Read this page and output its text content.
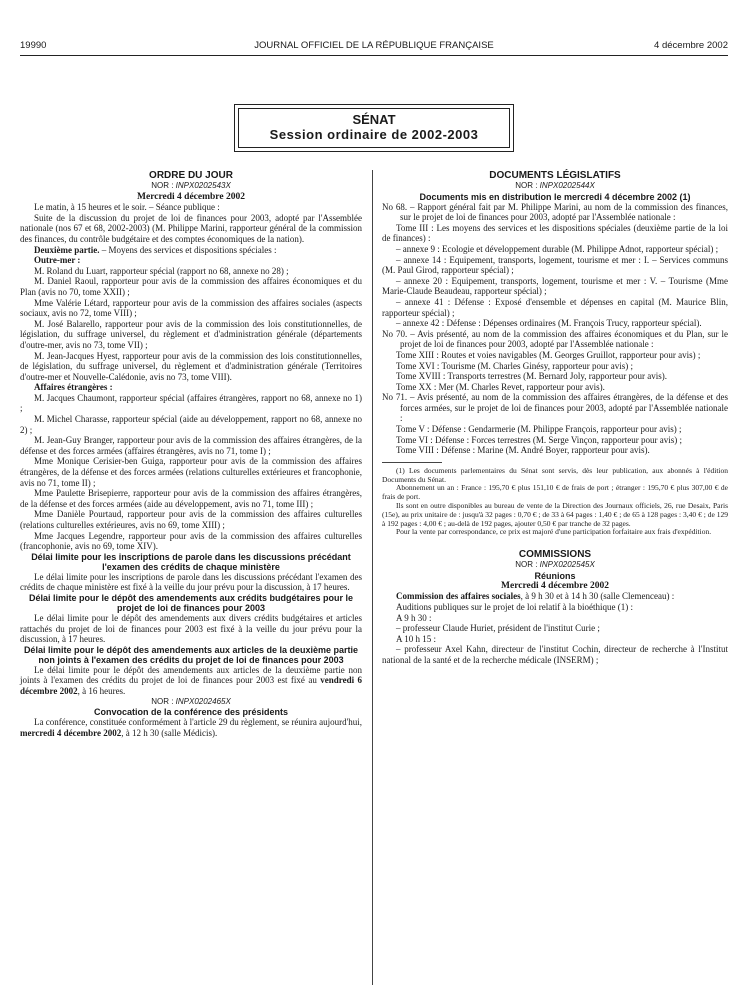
19990	JOURNAL OFFICIEL DE LA RÉPUBLIQUE FRANÇAISE	4 décembre 2002
SÉNAT
Session ordinaire de 2002-2003

ORDRE DU JOUR

NOR : INPX0202543X

Mercredi 4 décembre 2002

Le matin, à 15 heures et le soir. – Séance publique :

Suite de la discussion du projet de loi de finances pour 2003, adopté par l'Assemblée nationale (nos 67 et 68, 2002-2003) (M. Philippe Marini, rapporteur général de la commission des finances, du contrôle budgétaire et des comptes économiques de la nation).

Deuxième partie. – Moyens des services et dispositions spéciales :

Outre-mer :

M. Roland du Luart, rapporteur spécial (rapport no 68, annexe no 28) ;

M. Daniel Raoul, rapporteur pour avis de la commission des affaires économiques et du Plan (avis no 70, tome XXII) ;

Mme Valérie Létard, rapporteur pour avis de la commission des affaires sociales (aspects sociaux, avis no 72, tome VIII) ;

M. José Balarello, rapporteur pour avis de la commission des lois constitutionnelles, de législation, du suffrage universel, du règlement et d'administration générale (départements d'outre-mer, avis no 73, tome VII) ;

M. Jean-Jacques Hyest, rapporteur pour avis de la commission des lois constitutionnelles, de législation, du suffrage universel, du règlement et d'administration générale (Territoires d'outre-mer et Nouvelle-Calédonie, avis no 73, tome VIII).

Affaires étrangères :

M. Jacques Chaumont, rapporteur spécial (affaires étrangères, rapport no 68, annexe no 1) ;

M. Michel Charasse, rapporteur spécial (aide au développement, rapport no 68, annexe no 2) ;

M. Jean-Guy Branger, rapporteur pour avis de la commission des affaires étrangères, de la défense et des forces armées (affaires étrangères, avis no 71, tome I) ;

Mme Monique Cerisier-ben Guiga, rapporteur pour avis de la commission des affaires étrangères, de la défense et des forces armées (relations culturelles extérieures et francophonie, avis no 71, tome II) ;

Mme Paulette Brisepierre, rapporteur pour avis de la commission des affaires étrangères, de la défense et des forces armées (aide au développement, avis no 71, tome III) ;

Mme Danièle Pourtaud, rapporteur pour avis de la commission des affaires culturelles (relations culturelles extérieures, avis no 69, tome XIII) ;

Mme Jacques Legendre, rapporteur pour avis de la commission des affaires culturelles (francophonie, avis no 69, tome XIV).

Délai limite pour les inscriptions de parole dans les discussions précédant l'examen des crédits de chaque ministère

Le délai limite pour les inscriptions de parole dans les discussions précédant l'examen des crédits de chaque ministère est fixé à la veille du jour prévu pour la discussion, à 17 heures.

Délai limite pour le dépôt des amendements aux crédits budgétaires pour le projet de loi de finances pour 2003

Le délai limite pour le dépôt des amendements aux divers crédits budgétaires et articles rattachés du projet de loi de finances pour 2003 est fixé à la veille du jour prévu pour la discussion, à 17 heures.

Délai limite pour le dépôt des amendements aux articles de la deuxième partie non joints à l'examen des crédits du projet de loi de finances pour 2003

Le délai limite pour le dépôt des amendements aux articles de la deuxième partie non joints à l'examen des crédits du projet de loi de finances pour 2003 est fixé au vendredi 6 décembre 2002, à 16 heures.

NOR : INPX0202465X

Convocation de la conférence des présidents

La conférence, constituée conformément à l'article 29 du règlement, se réunira aujourd'hui, mercredi 4 décembre 2002, à 12 h 30 (salle Médicis).

DOCUMENTS LÉGISLATIFS

NOR : INPX0202544X

Documents mis en distribution le mercredi 4 décembre 2002 (1)

No 68. – Rapport général fait par M. Philippe Marini, au nom de la commission des finances, sur le projet de loi de finances pour 2003, adopté par l'Assemblée nationale :

Tome III : Les moyens des services et les dispositions spéciales (deuxième partie de la loi de finances) :

– annexe 9 : Ecologie et développement durable (M. Philippe Adnot, rapporteur spécial) ;

– annexe 14 : Equipement, transports, logement, tourisme et mer : I. – Services communs (M. Paul Girod, rapporteur spécial) ;

– annexe 20 : Equipement, transports, logement, tourisme et mer : V. – Tourisme (Mme Marie-Claude Beaudeau, rapporteur spécial) ;

– annexe 41 : Défense : Exposé d'ensemble et dépenses en capital (M. Maurice Blin, rapporteur spécial) ;

– annexe 42 : Défense : Dépenses ordinaires (M. François Trucy, rapporteur spécial).

No 70. – Avis présenté, au nom de la commission des affaires économiques et du Plan, sur le projet de loi de finances pour 2003, adopté par l'Assemblée nationale :

Tome XIII : Routes et voies navigables (M. Georges Gruillot, rapporteur pour avis) ;

Tome XVI : Tourisme (M. Charles Ginésy, rapporteur pour avis) ;

Tome XVIII : Transports terrestres (M. Bernard Joly, rapporteur pour avis).

Tome XX : Mer (M. Charles Revet, rapporteur pour avis).

No 71. – Avis présenté, au nom de la commission des affaires étrangères, de la défense et des forces armées, sur le projet de loi de finances pour 2003, adopté par l'Assemblée nationale :

Tome V : Défense : Gendarmerie (M. Philippe François, rapporteur pour avis) ;

Tome VI : Défense : Forces terrestres (M. Serge Vinçon, rapporteur pour avis) ;

Tome VIII : Défense : Marine (M. André Boyer, rapporteur pour avis).

(1) Les documents parlementaires du Sénat sont servis, dès leur publication, aux abonnés à l'édition Documents du Sénat.

Abonnement un an : France : 195,70 € plus 151,10 € de frais de port ; étranger : 195,70 € plus 307,00 € de frais de port.

Ils sont en outre disponibles au bureau de vente de la Direction des Journaux officiels, 26, rue Desaix, Paris (15e), au prix unitaire de : jusqu'à 32 pages : 0,70 € ; de 33 à 64 pages : 1,40 € ; de 65 à 128 pages : 3,40 € ; de 129 à 192 pages : 4,00 € ; au-delà de 192 pages, ajouter 0,50 € par tranche de 32 pages.

Pour la vente par correspondance, ce prix est majoré d'une participation forfaitaire aux frais d'expédition.

COMMISSIONS

NOR : INPX0202545X

Réunions

Mercredi 4 décembre 2002

Commission des affaires sociales, à 9 h 30 et à 14 h 30 (salle Clemenceau) :

Auditions publiques sur le projet de loi relatif à la bioéthique (1) :

A 9 h 30 :

– professeur Claude Huriet, président de l'institut Curie ;

A 10 h 15 :

– professeur Axel Kahn, directeur de l'institut Cochin, directeur de recherche à l'Institut national de la santé et de la recherche médicale (INSERM) ;
